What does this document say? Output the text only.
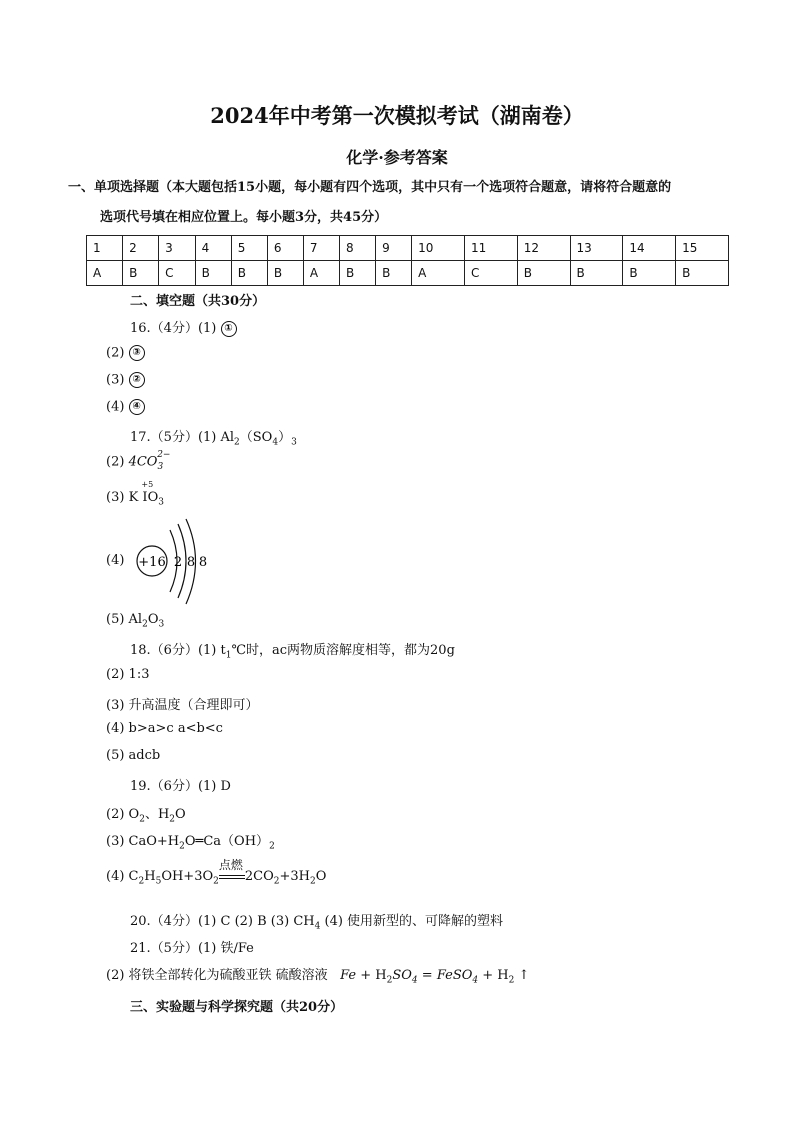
2024年中考第一次模拟考试（湖南卷）
化学·参考答案
一、单项选择题（本大题包括15小题，每小题有四个选项，其中只有一个选项符合题意，请将符合题意的
选项代号填在相应位置上。每小题3分，共45分）
1	2	3	4	5	6	7	8	9	10	11	12	13	14	15
A	B	C	B	B	B	A	B	B	A	C	B	B	B	B
二、填空题（共30分）
16.（4分）(1) ①
(2) ③
(3) ②
(4) ④
17.（5分）(1) $Al_2(SO_4)_3$
(2) $4CO_3^{2-}$
(3) K
+5
$IO_3$
(4) +16 2 8 8
(5) $Al_2O_3$
18.（6分）(1) $t_1℃$时，ac两物质溶解度相等，都为20g
(2) 1:3
(3) 升高温度（合理即可）
(4) b>a>c a<b<c
(5) adcb
19.（6分）(1) D
(2) $O_2$、$H_2O$
(3) $CaO+H_2O═Ca(OH)_2$
(4) $C_2H_5OH+3O_2$
点燃
$2CO_2+3H_2O$
20.（4分）(1) C (2) B (3) $CH_4$ (4) 使用新型的、可降解的塑料
21.（5分）(1) 铁/Fe
(2) 将铁全部转化为硫酸亚铁 硫酸溶液 $Fe + H_2SO_4$ = FeSO$_4$ + $H_2$ ↑
三、实验题与科学探究题（共20分）
